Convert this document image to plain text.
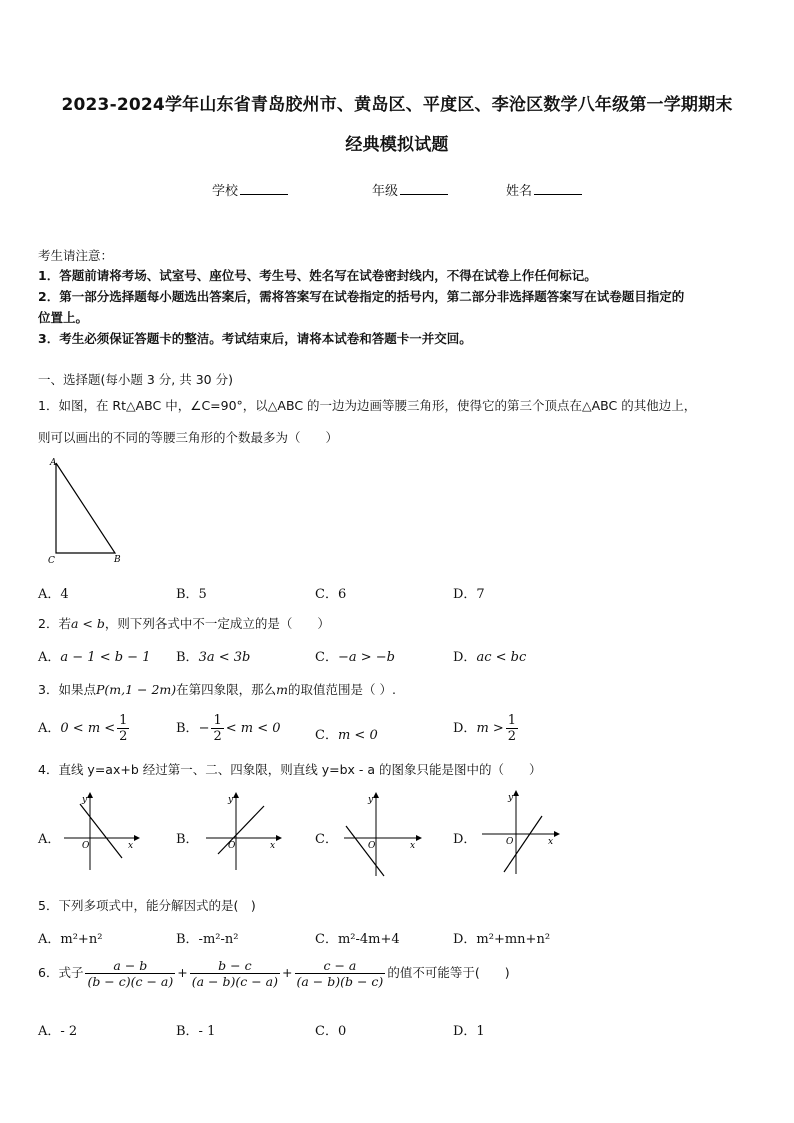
2023-2024学年山东省青岛胶州市、黄岛区、平度区、李沧区数学八年级第一学期期末
经典模拟试题
学校	年级	姓名
考生请注意：
1．答题前请将考场、试室号、座位号、考生号、姓名写在试卷密封线内，不得在试卷上作任何标记。
2．第一部分选择题每小题选出答案后，需将答案写在试卷指定的括号内，第二部分非选择题答案写在试卷题目指定的
位置上。
3．考生必须保证答题卡的整洁。考试结束后，请将本试卷和答题卡一并交回。
一、选择题(每小题 3 分, 共 30 分)
1．如图，在 Rt△ABC 中，∠C=90°，以△ABC 的一边为边画等腰三角形，使得它的第三个顶点在△ABC 的其他边上，
则可以画出的不同的等腰三角形的个数最多为（　　）
A
C	B
A．4	B．5	C．6	D．7
2．若a < b，则下列各式中不一定成立的是（　　）
A．a − 1 < b − 1 B．3a < 3b	C．−a > −b	D．ac < bc
3．如果点P(m,1 − 2m)在第四象限，那么m的取值范围是（ ）.
A．$0 < m < \frac{1}{2}$	B．− $\frac{1}{2} < m < 0$	C．m < 0	D．$m > \frac{1}{2}$
4．直线 y=ax+b 经过第一、二、四象限，则直线 y=bx - a 的图象只能是图中的（　　）
A．
y
x
O	B．
y
x
O	C．
y
x
O	D．
y
x
O
5．下列多项式中，能分解因式的是(　)
A．m²+n²	B．-m²-n²	C．m²-4m+4	D．m²+mn+n²
6．式子 $\frac{a - b}{(b - c)(c - a)} + \frac{b - c}{(a - b)(c - a)} + \frac{c - a}{(a - b)(b - c)}$ 的值不可能等于(　　)
A．- 2	B．- 1	C．0	D．1
